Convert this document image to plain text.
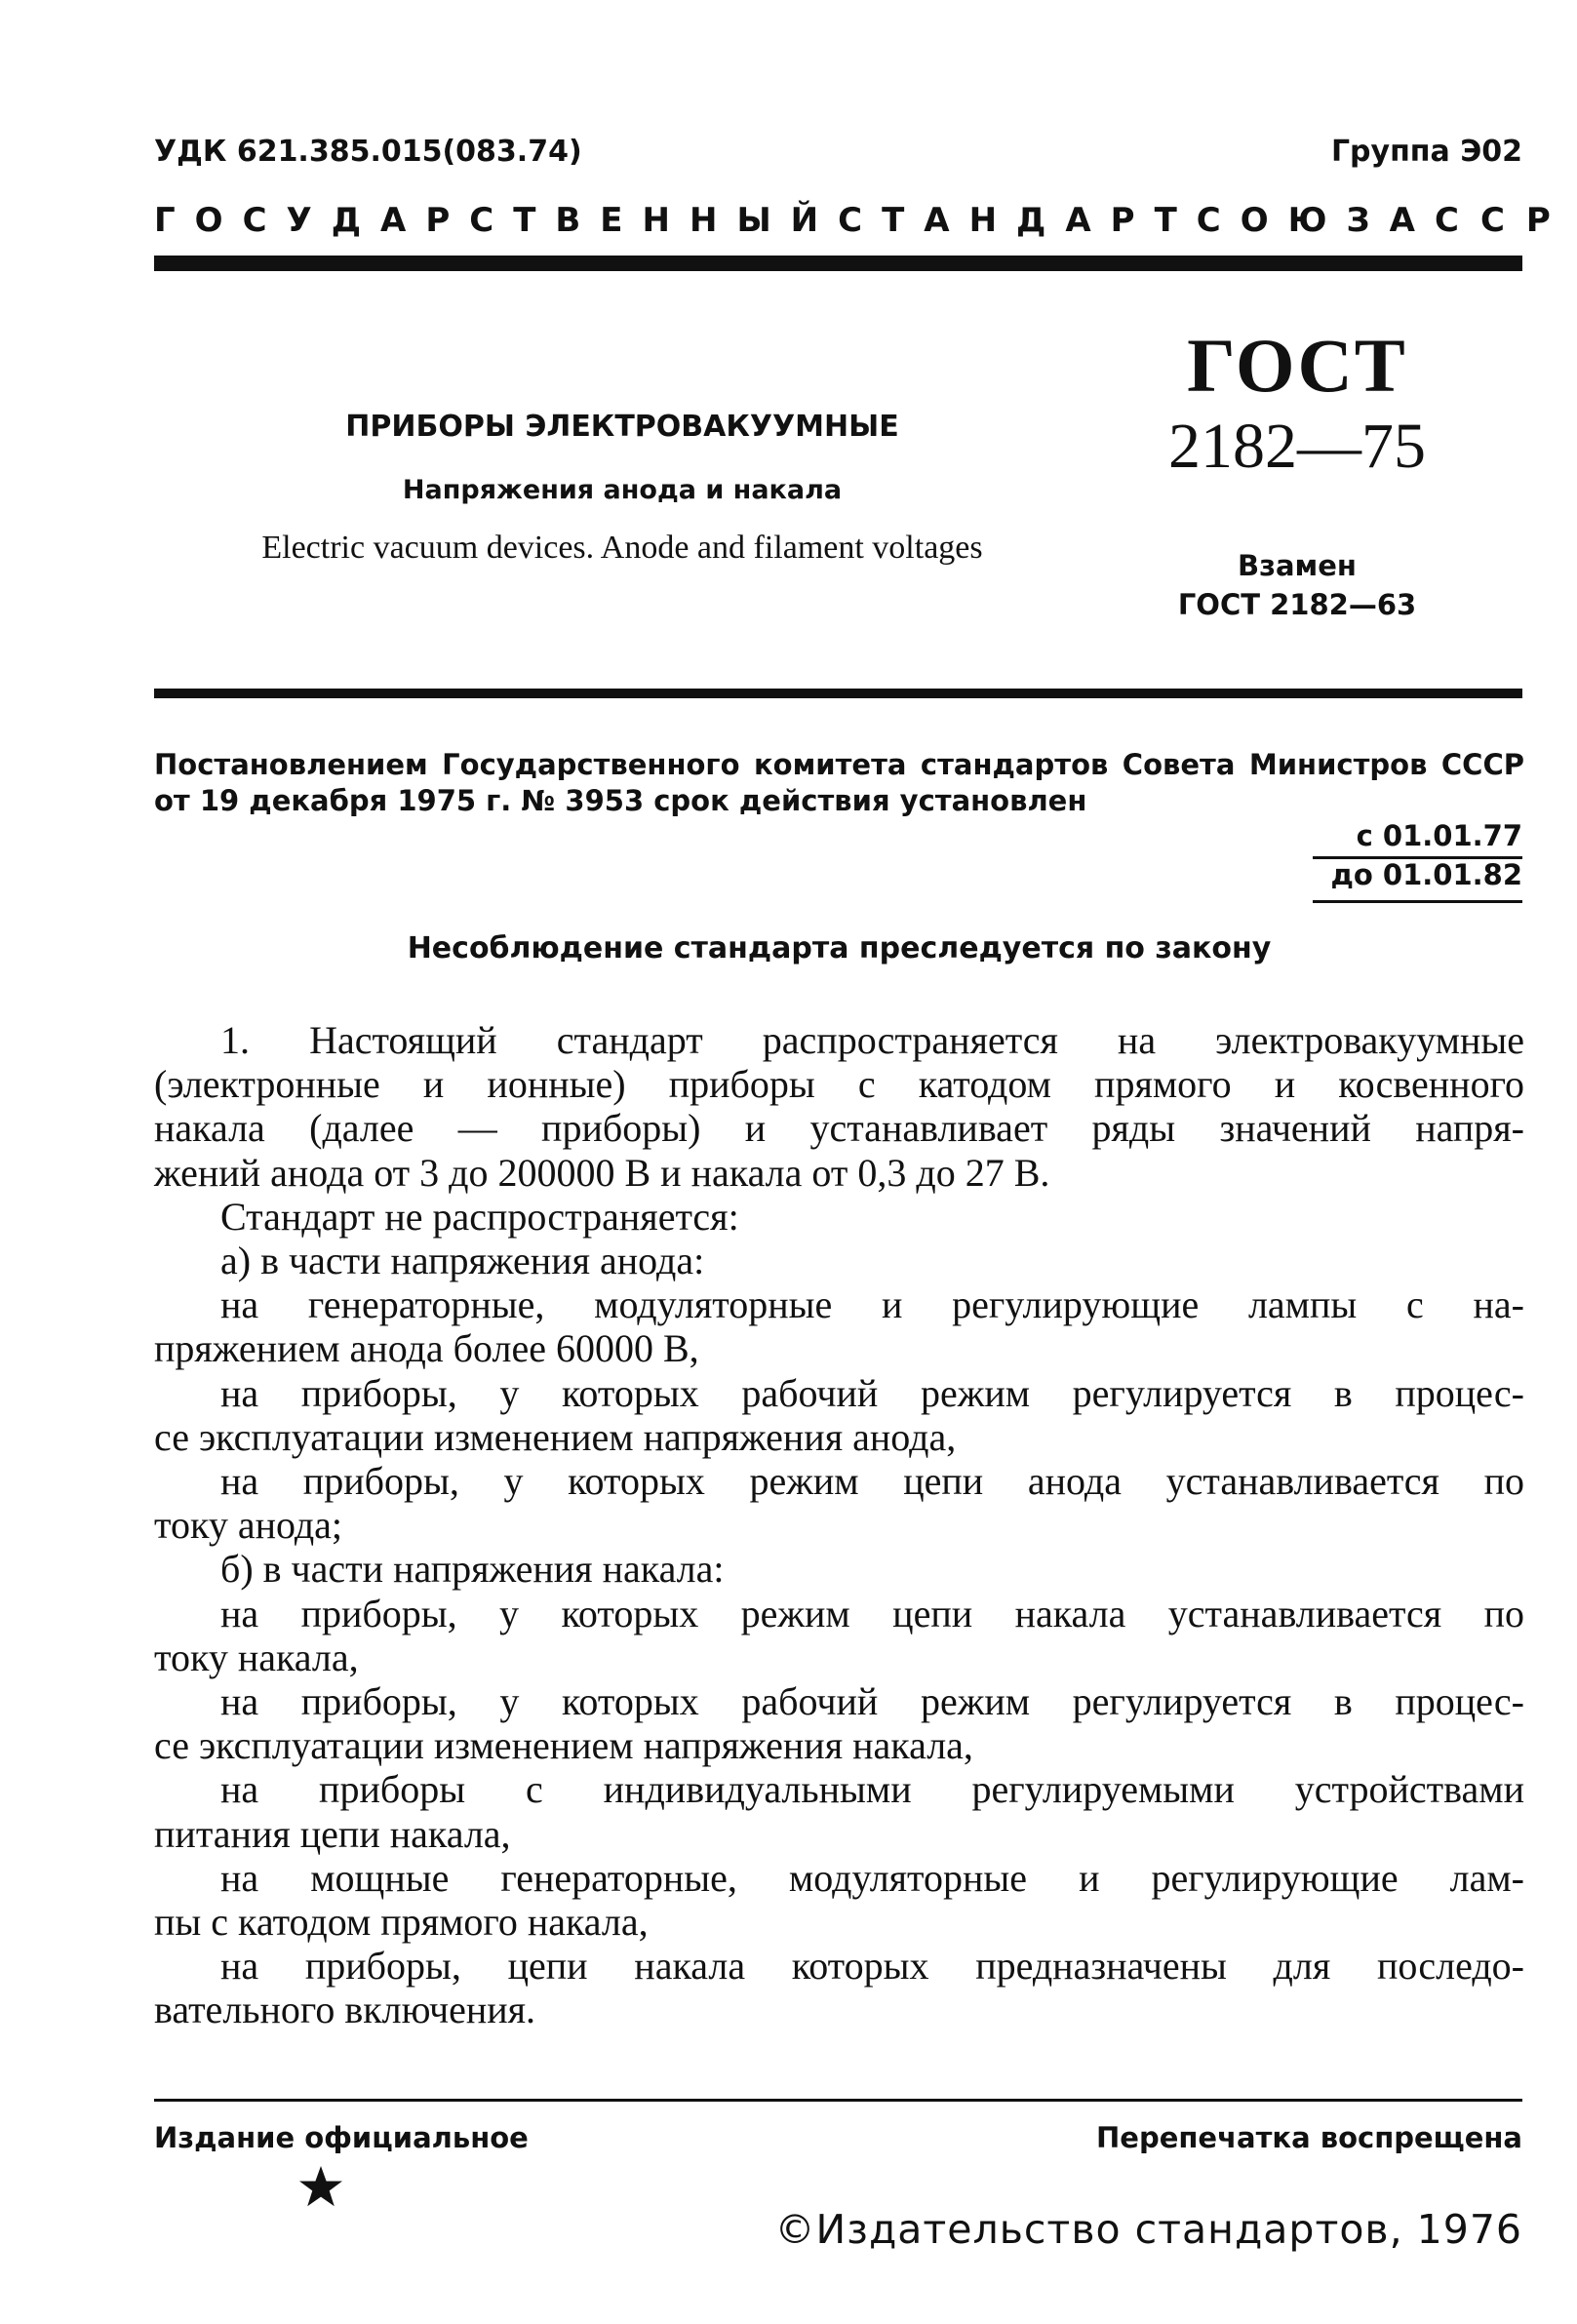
УДК 621.385.015(083.74)	Группа Э02
ГОСУДАРСТВЕННЫЙ СТАНДАРТ СОЮЗА ССР
ПРИБОРЫ ЭЛЕКТРОВАКУУМНЫЕ
Напряжения анода и накала
Electric vacuum devices. Anode and filament voltages
ГОСТ
2182—75
Взамен
ГОСТ 2182—63
Постановлением Государственного комитета стандартов Совета Министров СССР
от 19 декабря 1975 г. № 3953 срок действия установлен
с 01.01.77
до 01.01.82
Несоблюдение стандарта преследуется по закону
1. Настоящий стандарт распространяется на электровакуумные
(электронные и ионные) приборы с катодом прямого и косвенного
накала (далее — приборы) и устанавливает ряды значений напря-
жений анода от 3 до 200000 В и накала от 0,3 до 27 В.
Стандарт не распространяется:
а) в части напряжения анода:
на генераторные, модуляторные и регулирующие лампы с на-
пряжением анода более 60000 В,
на приборы, у которых рабочий режим регулируется в процес-
се эксплуатации изменением напряжения анода,
на приборы, у которых режим цепи анода устанавливается по
току анода;
б) в части напряжения накала:
на приборы, у которых режим цепи накала устанавливается по
току накала,
на приборы, у которых рабочий режим регулируется в процес-
се эксплуатации изменением напряжения накала,
на приборы с индивидуальными регулируемыми устройствами
питания цепи накала,
на мощные генераторные, модуляторные и регулирующие лам-
пы с катодом прямого накала,
на приборы, цепи накала которых предназначены для последо-
вательного включения.
Издание официальное	Перепечатка воспрещена
©Издательство стандартов, 1976
